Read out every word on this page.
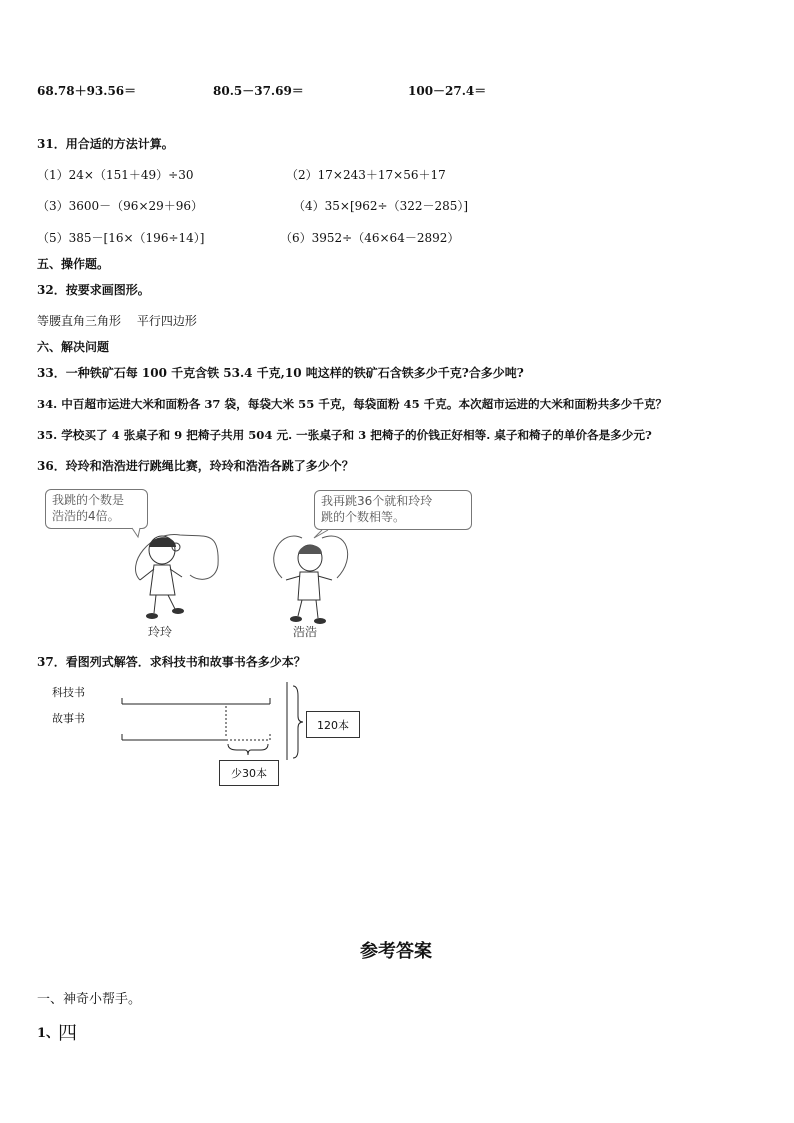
68.78＋93.56＝	80.5－37.69＝	100－27.4＝
31．用合适的方法计算。
（1）24×（151＋49）÷30	（2）17×243＋17×56＋17
（3）3600－（96×29＋96）	（4）35×[962÷（322－285）]
（5）385－[16×（196÷14）]	（6）3952÷（46×64－2892）
五、操作题。
32．按要求画图形。
等腰直角三角形　 平行四边形
六、解决问题
33．一种铁矿石每 100 千克含铁 53.4 千克,10 吨这样的铁矿石含铁多少千克?合多少吨?
34. 中百超市运进大米和面粉各 37 袋，每袋大米 55 千克，每袋面粉 45 千克。本次超市运进的大米和面粉共多少千克？
35. 学校买了 4 张桌子和 9 把椅子共用 504 元. 一张桌子和 3 把椅子的价钱正好相等. 桌子和椅子的单价各是多少元?
36．玲玲和浩浩进行跳绳比赛，玲玲和浩浩各跳了多少个？
我跳的个数是
浩浩的4倍。
我再跳36个就和玲玲
跳的个数相等。
玲玲	浩浩
37．看图列式解答．求科技书和故事书各多少本？
科技书
故事书	120本
少30本
参考答案
一、神奇小帮手。
1、
四
